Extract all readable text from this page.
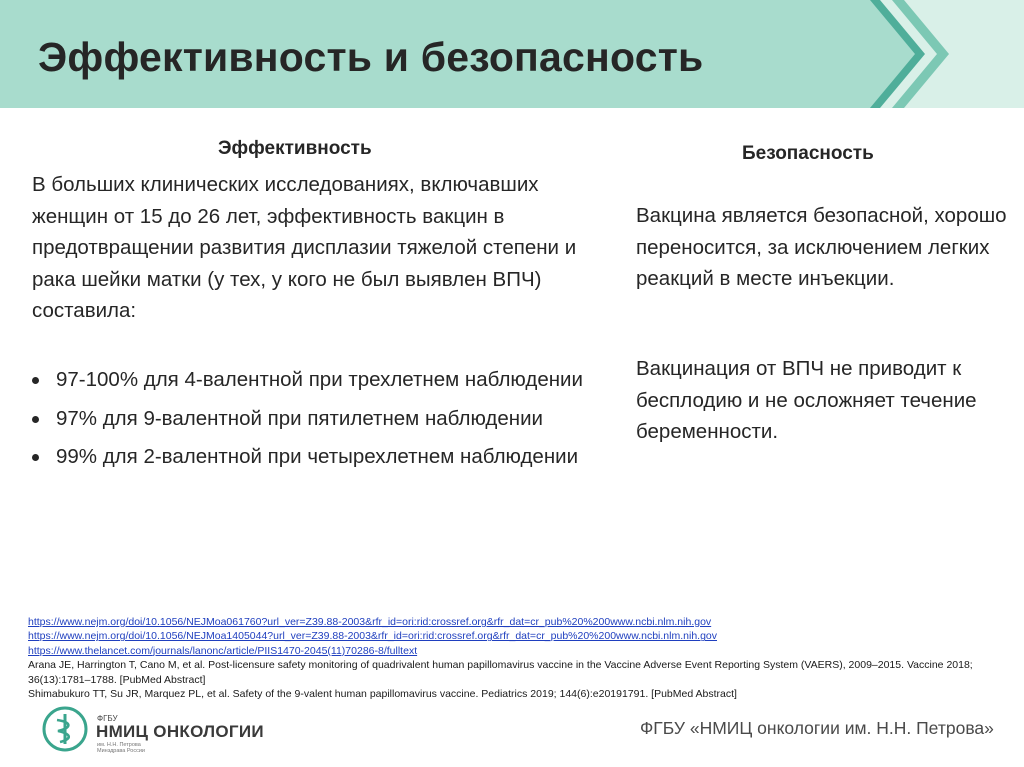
Эффективность и безопасность
Эффективность

В больших клинических исследованиях, включавших женщин от 15 до 26 лет, эффективность вакцин в предотвращении развития дисплазии тяжелой степени и рака шейки матки (у тех, у кого не был выявлен ВПЧ) составила:

97-100% для 4-валентной при трехлетнем наблюдении
97% для 9-валентной при пятилетнем наблюдении
99% для 2-валентной при четырехлетнем наблюдении
Безопасность

Вакцина является безопасной, хорошо переносится, за исключением легких реакций в месте инъекции.

Вакцинация от ВПЧ не приводит к бесплодию и не осложняет течение беременности.

https://www.nejm.org/doi/10.1056/NEJMoa061760?url_ver=Z39.88-2003&rfr_id=ori:rid:crossref.org&rfr_dat=cr_pub%20%200www.ncbi.nlm.nih.gov
https://www.nejm.org/doi/10.1056/NEJMoa1405044?url_ver=Z39.88-2003&rfr_id=ori:rid:crossref.org&rfr_dat=cr_pub%20%200www.ncbi.nlm.nih.gov
https://www.thelancet.com/journals/lanonc/article/PIIS1470-2045(11)70286-8/fulltext
Arana JE, Harrington T, Cano M, et al. Post-licensure safety monitoring of quadrivalent human papillomavirus vaccine in the Vaccine Adverse Event Reporting System (VAERS), 2009–2015. Vaccine 2018; 36(13):1781–1788. [PubMed Abstract]
Shimabukuro TT, Su JR, Marquez PL, et al. Safety of the 9-valent human papillomavirus vaccine. Pediatrics 2019; 144(6):e20191791. [PubMed Abstract]
ФГБУ
НМИЦ ОНКОЛОГИИ
им. Н.Н. Петрова
Минздрава России
ФГБУ «НМИЦ онкологии им. Н.Н. Петрова»
